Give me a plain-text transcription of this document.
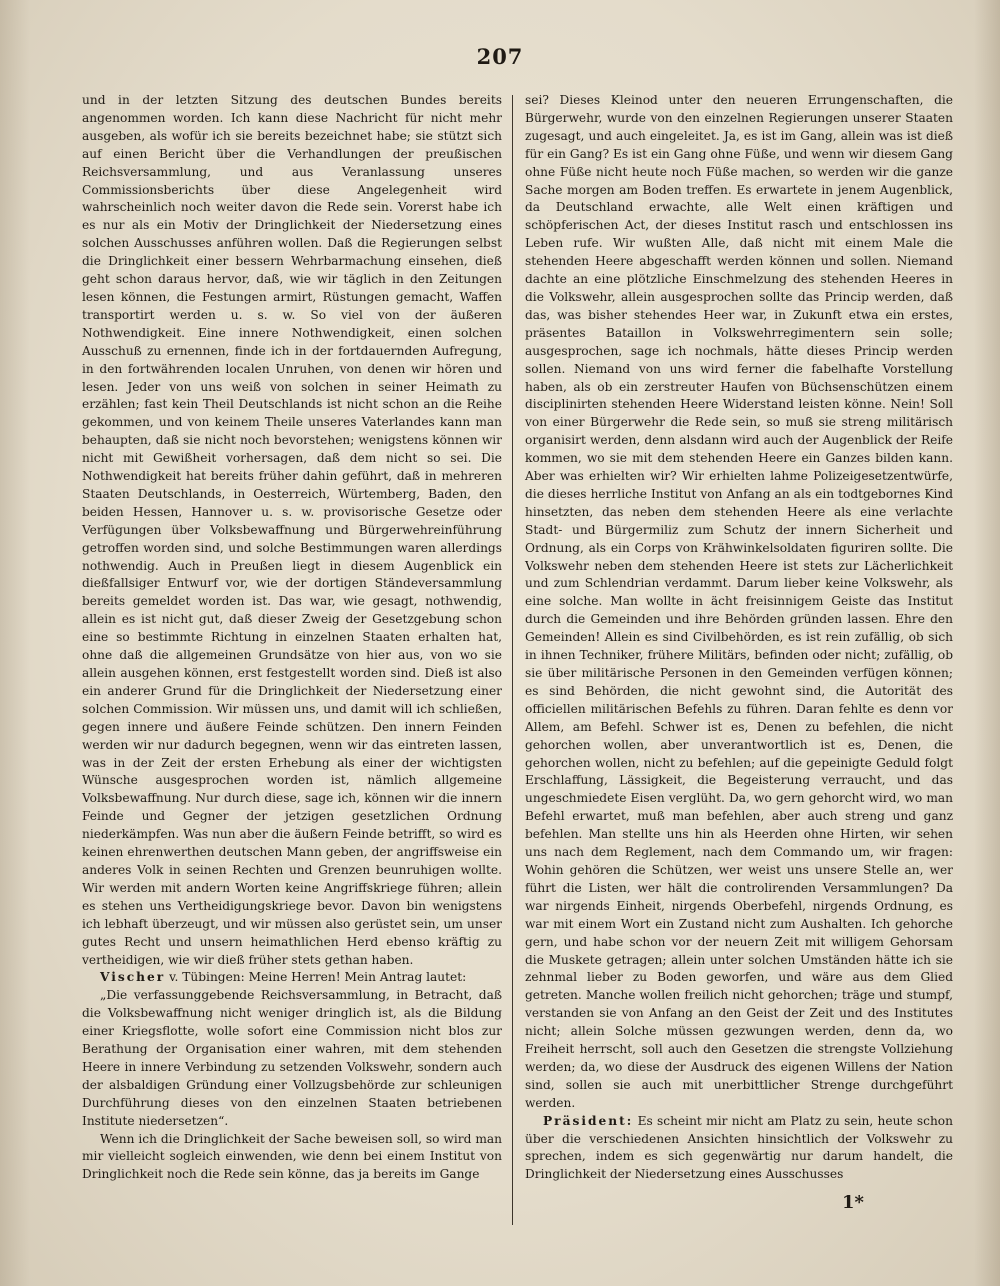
207

und in der letzten Sitzung des deutschen Bundes bereits angenommen worden. Ich kann diese Nachricht für nicht mehr ausgeben, als wofür ich sie bereits bezeichnet habe; sie stützt sich auf einen Bericht über die Verhandlungen der preußischen Reichsversammlung, und aus Veranlassung unseres Commissionsberichts über diese Angelegenheit wird wahrscheinlich noch weiter davon die Rede sein. Vorerst habe ich es nur als ein Motiv der Dringlichkeit der Niedersetzung eines solchen Ausschusses anführen wollen. Daß die Regierungen selbst die Dringlichkeit einer bessern Wehrbarmachung einsehen, dieß geht schon daraus hervor, daß, wie wir täglich in den Zeitungen lesen können, die Festungen armirt, Rüstungen gemacht, Waffen transportirt werden u. s. w. So viel von der äußeren Nothwendigkeit. Eine innere Nothwendigkeit, einen solchen Ausschuß zu ernennen, finde ich in der fortdauernden Aufregung, in den fortwährenden localen Unruhen, von denen wir hören und lesen. Jeder von uns weiß von solchen in seiner Heimath zu erzählen; fast kein Theil Deutschlands ist nicht schon an die Reihe gekommen, und von keinem Theile unseres Vaterlandes kann man behaupten, daß sie nicht noch bevorstehen; wenigstens können wir nicht mit Gewißheit vorhersagen, daß dem nicht so sei. Die Nothwendigkeit hat bereits früher dahin geführt, daß in mehreren Staaten Deutschlands, in Oesterreich, Würtemberg, Baden, den beiden Hessen, Hannover u. s. w. provisorische Gesetze oder Verfügungen über Volksbewaffnung und Bürgerwehreinführung getroffen worden sind, und solche Bestimmungen waren allerdings nothwendig. Auch in Preußen liegt in diesem Augenblick ein dießfallsiger Entwurf vor, wie der dortigen Ständeversammlung bereits gemeldet worden ist. Das war, wie gesagt, nothwendig, allein es ist nicht gut, daß dieser Zweig der Gesetzgebung schon eine so bestimmte Richtung in einzelnen Staaten erhalten hat, ohne daß die allgemeinen Grundsätze von hier aus, von wo sie allein ausgehen können, erst festgestellt worden sind. Dieß ist also ein anderer Grund für die Dringlichkeit der Niedersetzung einer solchen Commission. Wir müssen uns, und damit will ich schließen, gegen innere und äußere Feinde schützen. Den innern Feinden werden wir nur dadurch begegnen, wenn wir das eintreten lassen, was in der Zeit der ersten Erhebung als einer der wichtigsten Wünsche ausgesprochen worden ist, nämlich allgemeine Volksbewaffnung. Nur durch diese, sage ich, können wir die innern Feinde und Gegner der jetzigen gesetzlichen Ordnung niederkämpfen. Was nun aber die äußern Feinde betrifft, so wird es keinen ehrenwerthen deutschen Mann geben, der angriffsweise ein anderes Volk in seinen Rechten und Grenzen beunruhigen wollte. Wir werden mit andern Worten keine Angriffskriege führen; allein es stehen uns Vertheidigungskriege bevor. Davon bin wenigstens ich lebhaft überzeugt, und wir müssen also gerüstet sein, um unser gutes Recht und unsern heimathlichen Herd ebenso kräftig zu vertheidigen, wie wir dieß früher stets gethan haben.

Vischer v. Tübingen: Meine Herren! Mein Antrag lautet:

„Die verfassunggebende Reichsversammlung, in Betracht, daß die Volksbewaffnung nicht weniger dringlich ist, als die Bildung einer Kriegsflotte, wolle sofort eine Commission nicht blos zur Berathung der Organisation einer wahren, mit dem stehenden Heere in innere Verbindung zu setzenden Volkswehr, sondern auch der alsbaldigen Gründung einer Vollzugsbehörde zur schleunigen Durchführung dieses von den einzelnen Staaten betriebenen Institute niedersetzen“.

Wenn ich die Dringlichkeit der Sache beweisen soll, so wird man mir vielleicht sogleich einwenden, wie denn bei einem Institut von Dringlichkeit noch die Rede sein könne, das ja bereits im Gange

sei? Dieses Kleinod unter den neueren Errungenschaften, die Bürgerwehr, wurde von den einzelnen Regierungen unserer Staaten zugesagt, und auch eingeleitet. Ja, es ist im Gang, allein was ist dieß für ein Gang? Es ist ein Gang ohne Füße, und wenn wir diesem Gang ohne Füße nicht heute noch Füße machen, so werden wir die ganze Sache morgen am Boden treffen. Es erwartete in jenem Augenblick, da Deutschland erwachte, alle Welt einen kräftigen und schöpferischen Act, der dieses Institut rasch und entschlossen ins Leben rufe. Wir wußten Alle, daß nicht mit einem Male die stehenden Heere abgeschafft werden können und sollen. Niemand dachte an eine plötzliche Einschmelzung des stehenden Heeres in die Volkswehr, allein ausgesprochen sollte das Princip werden, daß das, was bisher stehendes Heer war, in Zukunft etwa ein erstes, präsentes Bataillon in Volkswehrregimentern sein solle; ausgesprochen, sage ich nochmals, hätte dieses Princip werden sollen. Niemand von uns wird ferner die fabelhafte Vorstellung haben, als ob ein zerstreuter Haufen von Büchsenschützen einem disciplinirten stehenden Heere Widerstand leisten könne. Nein! Soll von einer Bürgerwehr die Rede sein, so muß sie streng militärisch organisirt werden, denn alsdann wird auch der Augenblick der Reife kommen, wo sie mit dem stehenden Heere ein Ganzes bilden kann. Aber was erhielten wir? Wir erhielten lahme Polizeigesetzentwürfe, die dieses herrliche Institut von Anfang an als ein todtgebornes Kind hinsetzten, das neben dem stehenden Heere als eine verlachte Stadt- und Bürgermiliz zum Schutz der innern Sicherheit und Ordnung, als ein Corps von Krähwinkelsoldaten figuriren sollte. Die Volkswehr neben dem stehenden Heere ist stets zur Lächerlichkeit und zum Schlendrian verdammt. Darum lieber keine Volkswehr, als eine solche. Man wollte in ächt freisinnigem Geiste das Institut durch die Gemeinden und ihre Behörden gründen lassen. Ehre den Gemeinden! Allein es sind Civilbehörden, es ist rein zufällig, ob sich in ihnen Techniker, frühere Militärs, befinden oder nicht; zufällig, ob sie über militärische Personen in den Gemeinden verfügen können; es sind Behörden, die nicht gewohnt sind, die Autorität des officiellen militärischen Befehls zu führen. Daran fehlte es denn vor Allem, am Befehl. Schwer ist es, Denen zu befehlen, die nicht gehorchen wollen, aber unverantwortlich ist es, Denen, die gehorchen wollen, nicht zu befehlen; auf die gepeinigte Geduld folgt Erschlaffung, Lässigkeit, die Begeisterung verraucht, und das ungeschmiedete Eisen verglüht. Da, wo gern gehorcht wird, wo man Befehl erwartet, muß man befehlen, aber auch streng und ganz befehlen. Man stellte uns hin als Heerden ohne Hirten, wir sehen uns nach dem Reglement, nach dem Commando um, wir fragen: Wohin gehören die Schützen, wer weist uns unsere Stelle an, wer führt die Listen, wer hält die controlirenden Versammlungen? Da war nirgends Einheit, nirgends Oberbefehl, nirgends Ordnung, es war mit einem Wort ein Zustand nicht zum Aushalten. Ich gehorche gern, und habe schon vor der neuern Zeit mit willigem Gehorsam die Muskete getragen; allein unter solchen Umständen hätte ich sie zehnmal lieber zu Boden geworfen, und wäre aus dem Glied getreten. Manche wollen freilich nicht gehorchen; träge und stumpf, verstanden sie von Anfang an den Geist der Zeit und des Institutes nicht; allein Solche müssen gezwungen werden, denn da, wo Freiheit herrscht, soll auch den Gesetzen die strengste Vollziehung werden; da, wo diese der Ausdruck des eigenen Willens der Nation sind, sollen sie auch mit unerbittlicher Strenge durchgeführt werden.

Präsident: Es scheint mir nicht am Platz zu sein, heute schon über die verschiedenen Ansichten hinsichtlich der Volkswehr zu sprechen, indem es sich gegenwärtig nur darum handelt, die Dringlichkeit der Niedersetzung eines Ausschusses

1*
